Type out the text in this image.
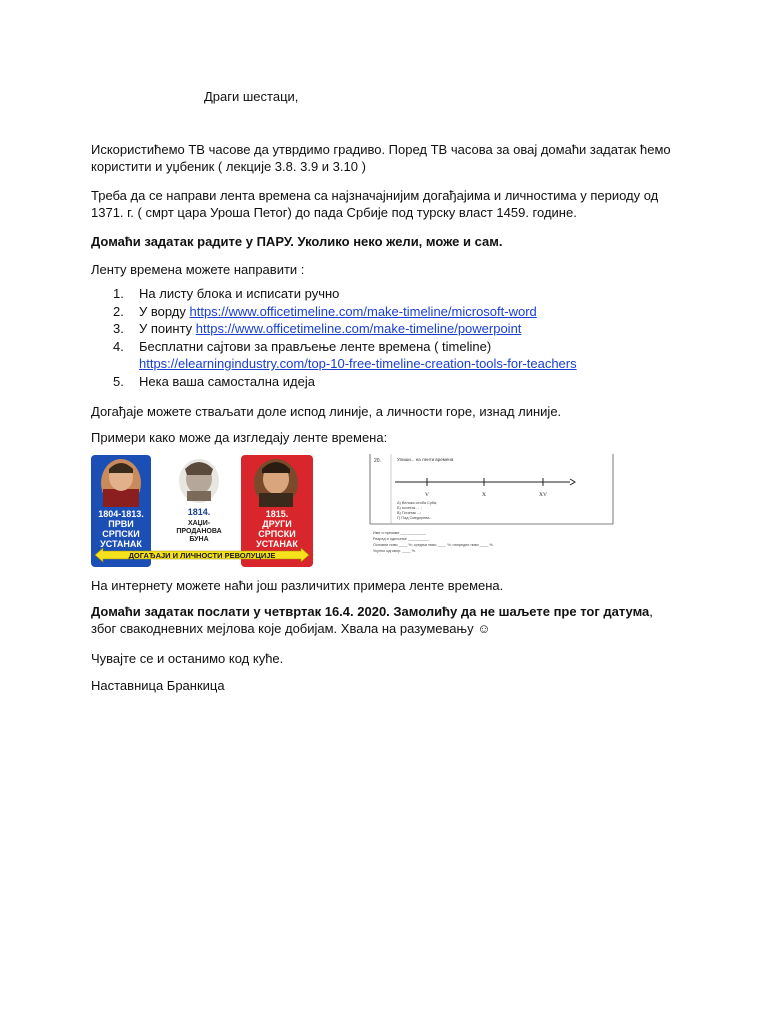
Драги шестаци,

Искористићемо ТВ часове да утврдимо градиво. Поред ТВ часова за овај домаћи задатак ћемо користити и уџбеник ( лекције 3.8. 3.9 и 3.10 )

Треба да се направи лента времена са најзначајнијим догађајима и личностима у периоду од 1371. г. ( смрт цара Уроша Петог) до пада Србије под турску власт 1459. године.

Домаћи задатак радите у ПАРУ. Уколико неко жели, може и сам.

Ленту времена можете направити :

1. На листу блока и исписати ручно
2. У ворду https://www.officetimeline.com/make-timeline/microsoft-word
3. У поинту https://www.officetimeline.com/make-timeline/powerpoint
4. Бесплатни сајтови за прављење ленте времена ( timeline)
https://elearningindustry.com/top-10-free-timeline-creation-tools-for-teachers
5. Нека ваша самостална идеја

Догађаје можете стваљати доле испод линије, а личности горе, изнад линије.

Примери како може да изгледају ленте времена:

1804-1813.
ПРВИ
СРПСКИ
УСТАНАК
1814.
ХАЏИ-
ПРОДАНОВА
БУНА
1815.
ДРУГИ
СРПСКИ
УСТАНАК
ДОГАЂАЈИ И ЛИЧНОСТИ РЕВОЛУЦИЈЕ
20.	Упиши... на ленти времена
V	X	XV
А) Велика сеоба Срба;
Б) почетак ... ;
В) Почетак ...;
Г) Пад Смедерева.
Име и презиме ____________
Разред и одељење __________
Основни ниво ____ %; средњи ниво ____ %; напредни ниво ____ %.
Укупно одговор: ____ %.

На интернету можете наћи још различитих примера ленте времена.

Домаћи задатак послати у четвртак 16.4. 2020. Замолићу да не шаљете пре тог датума, због свакодневних мејлова које добијам. Хвала на разумевању ☺

Чувајте се и останимо код куће.

Наставница Бранкица
